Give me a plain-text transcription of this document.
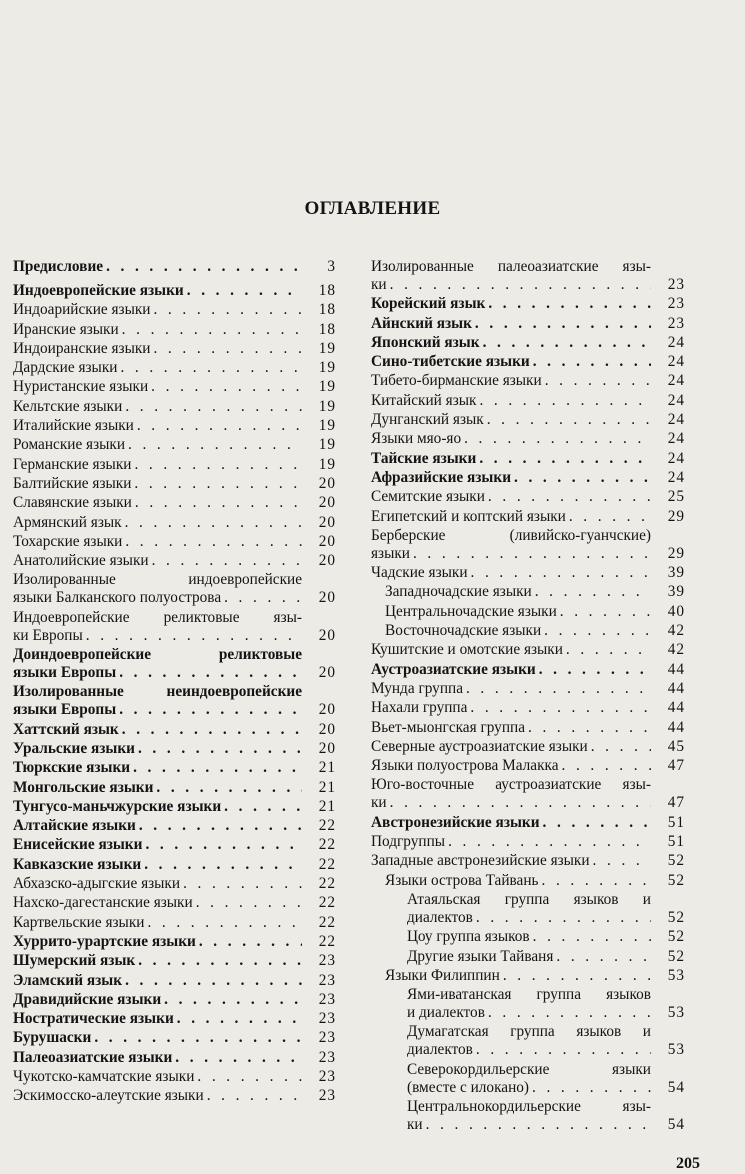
ОГЛАВЛЕНИЕ
Предисловие . . .	3
Индоевропейские языки . . .	18
Индоарийские языки . . .	18
Иранские языки . . .	18
Индоиранские языки . . .	19
Дардские языки . . .	19
Нуристанские языки . . .	19
Кельтские языки . . .	19
Италийские языки . . .	19
Романские языки . . .	19
Германские языки . . .	19
Балтийские языки . . .	20
Славянские языки . . .	20
Армянский язык . . .	20
Тохарские языки . . .	20
Анатолийские языки . . .	20
Изолированные индоевропейские
языки Балканского полуострова . . .	20
Индоевропейские реликтовые язы-
ки Европы . . .	20
Доиндоевропейские реликтовые
языки Европы . . .	20
Изолированные неиндоевропейские
языки Европы . . .	20
Хаттский язык . . .	20
Уральские языки . . .	20
Тюркские языки . . .	21
Монгольские языки . . .	21
Тунгусо-маньчжурские языки . . .	21
Алтайские языки . . .	22
Енисейские языки . . .	22
Кавказские языки . . .	22
Абхазско-адыгские языки . . .	22
Нахско-дагестанские языки . . .	22
Картвельские языки . . .	22
Хуррито-урартские языки . . .	22
Шумерский язык . . .	23
Эламский язык . . .	23
Дравидийские языки . . .	23
Ностратические языки . . .	23
Бурушаски . . .	23
Палеоазиатские языки . . .	23
Чукотско-камчатские языки . . .	23
Эскимосско-алеутские языки . . .	23
Изолированные палеоазиатские язы-
ки . . .	23
Корейский язык . . .	23
Айнский язык . . .	23
Японский язык . . .	24
Сино-тибетские языки . . .	24
Тибето-бирманские языки . . .	24
Китайский язык . . .	24
Дунганский язык . . .	24
Языки мяо-яо . . .	24
Тайские языки . . .	24
Афразийские языки . . .	24
Семитские языки . . .	25
Египетский и коптский языки . . .	29
Берберские (ливийско-гуанчские)
языки . . .	29
Чадские языки . . .	39
Западночадские языки . . .	39
Центральночадские языки . . .	40
Восточночадские языки . . .	42
Кушитские и омотские языки . . .	42
Аустроазиатские языки . . .	44
Мунда группа . . .	44
Нахали группа . . .	44
Вьет-мыонгская группа . . .	44
Северные аустроазиатские языки . . .	45
Языки полуострова Малакка . . .	47
Юго-восточные аустроазиатские язы-
ки . . .	47
Австронезийские языки . . .	51
Подгруппы . . .	51
Западные австронезийские языки . . .	52
Языки острова Тайвань . . .	52
Атаяльская группа языков и
диалектов . . .	52
Цоу группа языков . . .	52
Другие языки Тайваня . . .	52
Языки Филиппин . . .	53
Ями-иватанская группа языков
и диалектов . . .	53
Думагатская группа языков и
диалектов . . .	53
Северокордильерские языки
(вместе с илокано) . . .	54
Центральнокордильерские язы-
ки . . .	54
205
